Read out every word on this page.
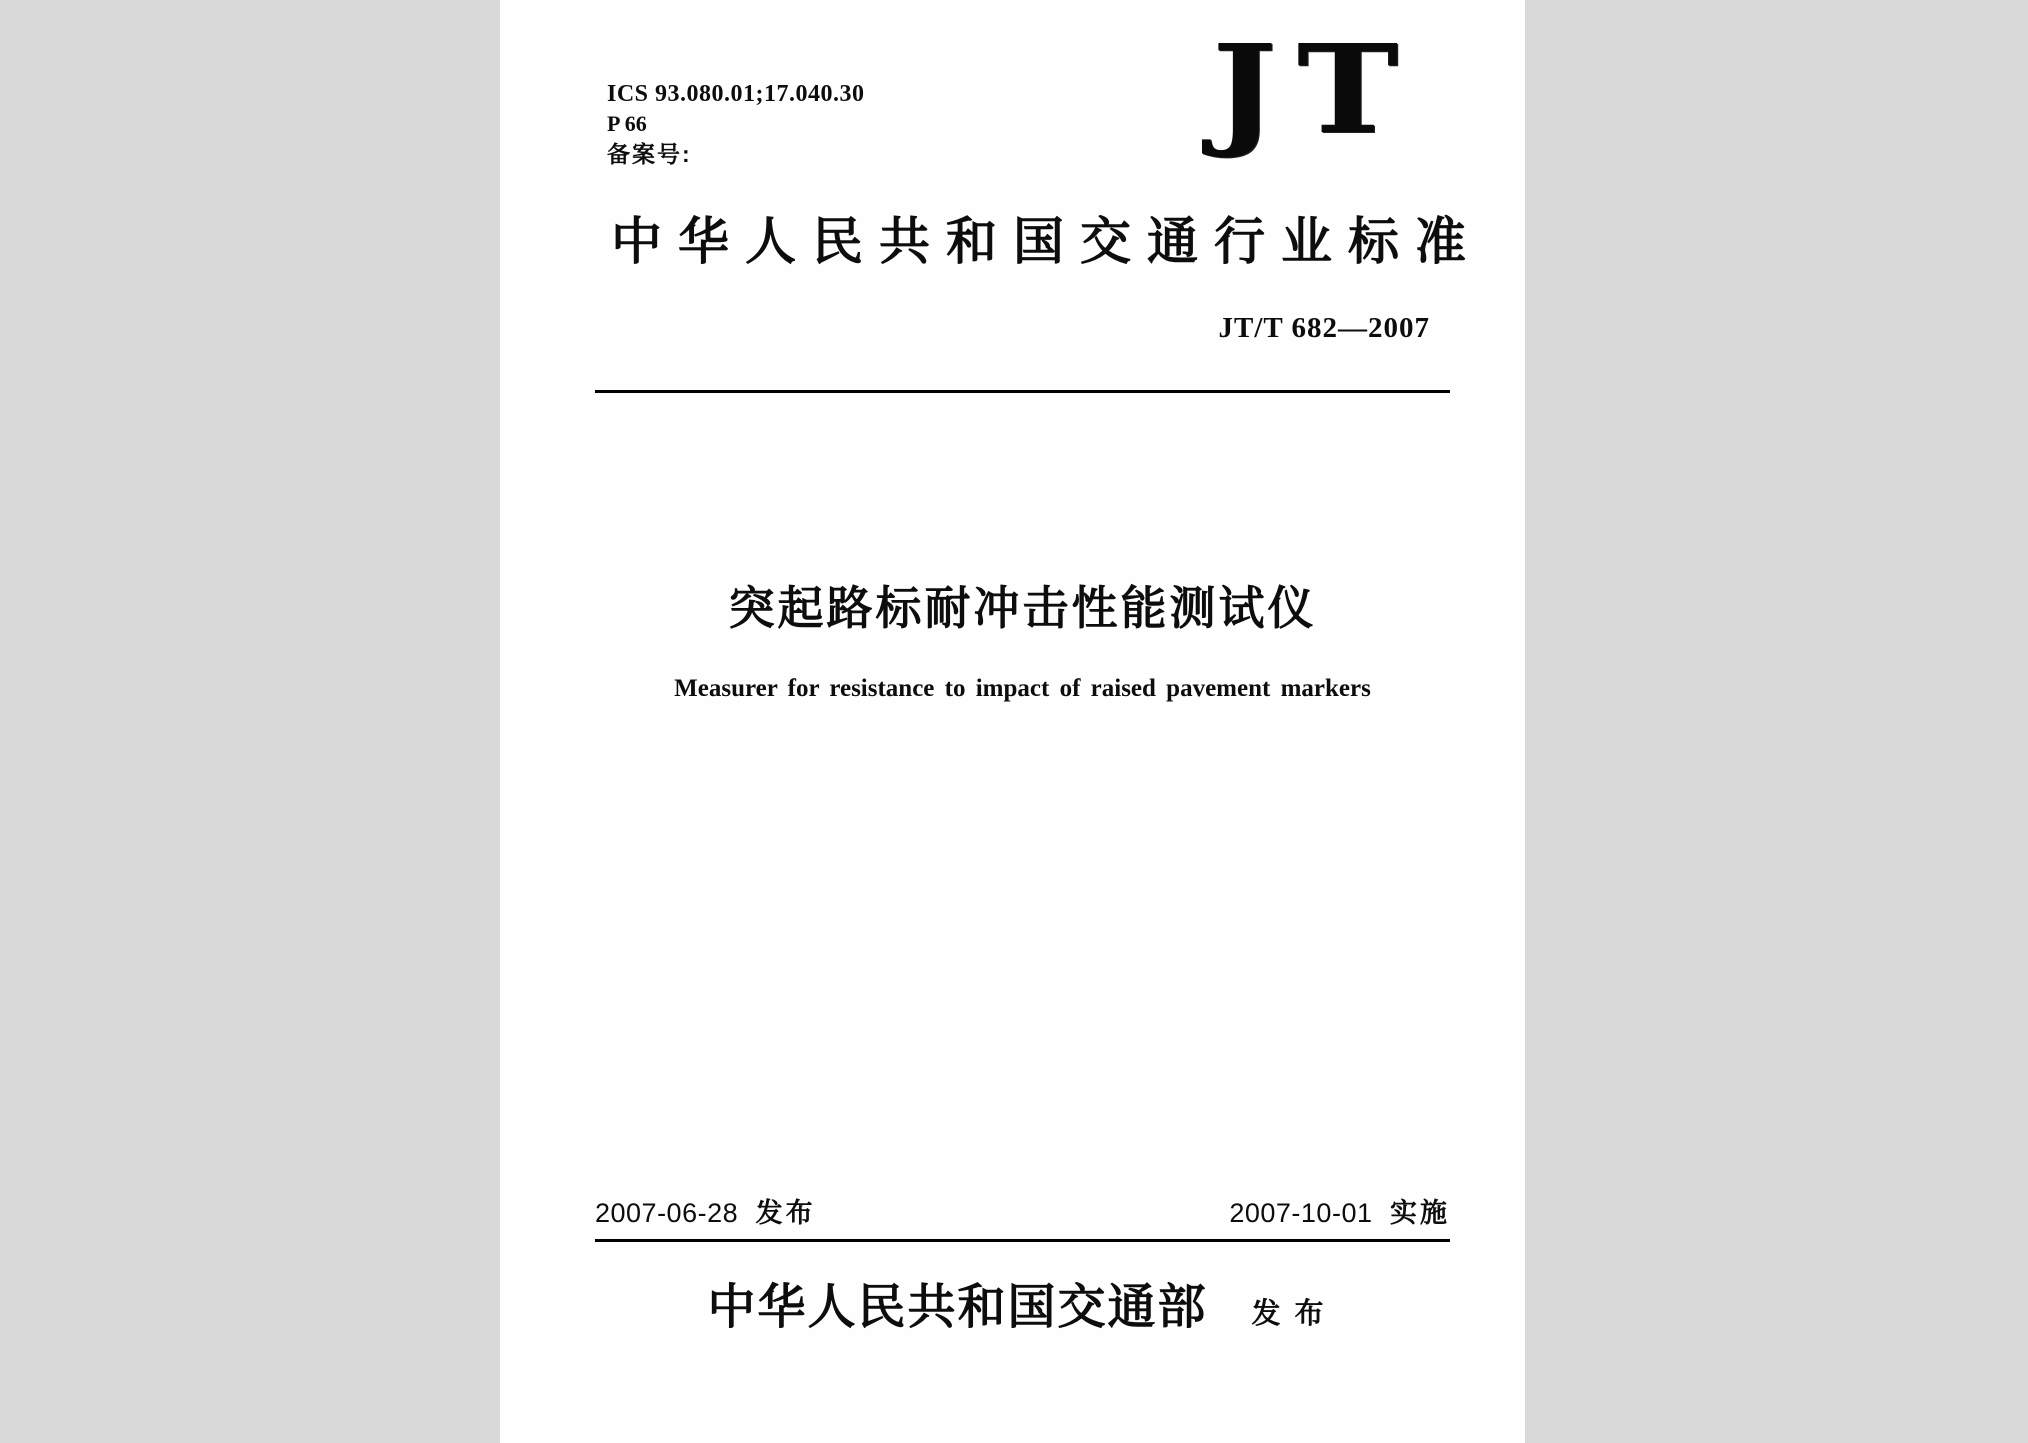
ICS 93.080.01;17.040.30
P 66
备案号:	JT
中华人民共和国交通行业标准
JT/T 682—2007
突起路标耐冲击性能测试仪
Measurer for resistance to impact of raised pavement markers
2007-06-28 发布	2007-10-01 实施
中华人民共和国交通部 发布
